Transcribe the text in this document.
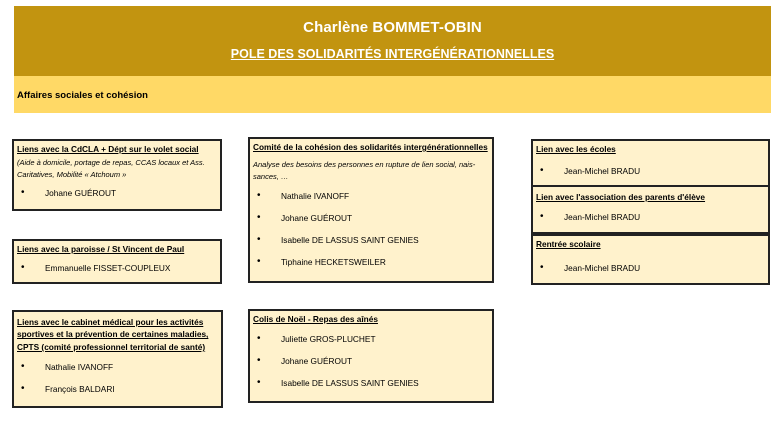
Charlène BOMMET-OBIN
POLE DES SOLIDARITÉS INTERGÉNÉRATIONNELLES
Affaires sociales et cohésion
Liens avec la CdCLA + Dépt sur le volet social
(Aide à domicile, portage de repas, CCAS locaux et Ass. Caritatives, Mobilité « Atchoum »
• Johane GUÉROUT
Liens avec la paroisse / St Vincent de Paul
• Emmanuelle FISSET-COUPLEUX
Liens avec le cabinet médical pour les activités sportives et la prévention de certaines maladies, CPTS (comité professionnel territorial de santé)
• Nathalie IVANOFF
• François BALDARI
Comité de la cohésion des solidarités intergénérationnelles
Analyse des besoins des personnes en rupture de lien social, nais-sances, …
• Nathalie IVANOFF
• Johane GUÉROUT
• Isabelle DE LASSUS SAINT GENIES
• Tiphaine HECKETSWEILER
Colis de Noël - Repas des aînés
• Juliette GROS-PLUCHET
• Johane GUÉROUT
• Isabelle DE LASSUS SAINT GENIES
Lien avec les écoles
• Jean-Michel BRADU
Lien avec l'association des parents d'élève
• Jean-Michel BRADU
Rentrée scolaire
• Jean-Michel BRADU
